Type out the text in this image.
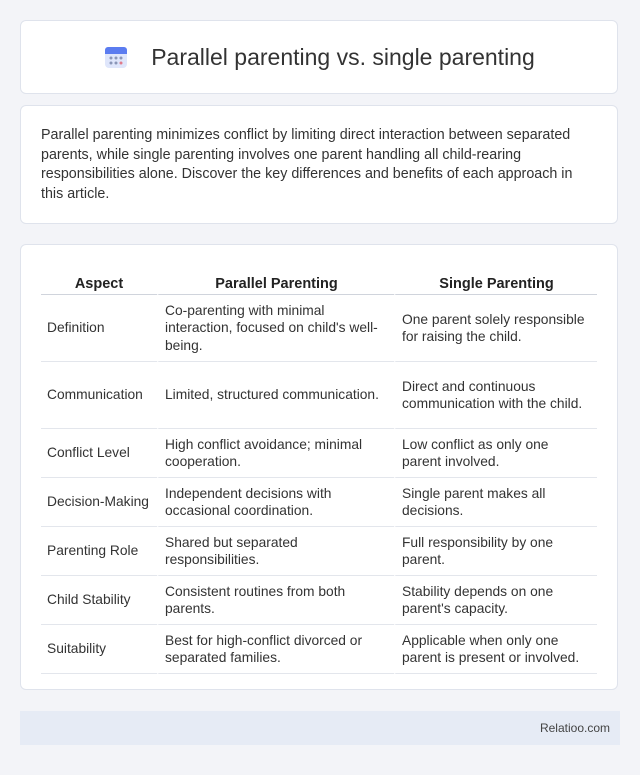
Parallel parenting vs. single parenting

Parallel parenting minimizes conflict by limiting direct interaction between separated parents, while single parenting involves one parent handling all child-rearing responsibilities alone. Discover the key differences and benefits of each approach in this article.

Aspect	Parallel Parenting	Single Parenting
Definition	Co-parenting with minimal interaction, focused on child's well-being.	One parent solely responsible for raising the child.
Communication	Limited, structured communication.	Direct and continuous communication with the child.
Conflict Level	High conflict avoidance; minimal cooperation.	Low conflict as only one parent involved.
Decision-Making	Independent decisions with occasional coordination.	Single parent makes all decisions.
Parenting Role	Shared but separated responsibilities.	Full responsibility by one parent.
Child Stability	Consistent routines from both parents.	Stability depends on one parent's capacity.
Suitability	Best for high-conflict divorced or separated families.	Applicable when only one parent is present or involved.
Relatioo.com
